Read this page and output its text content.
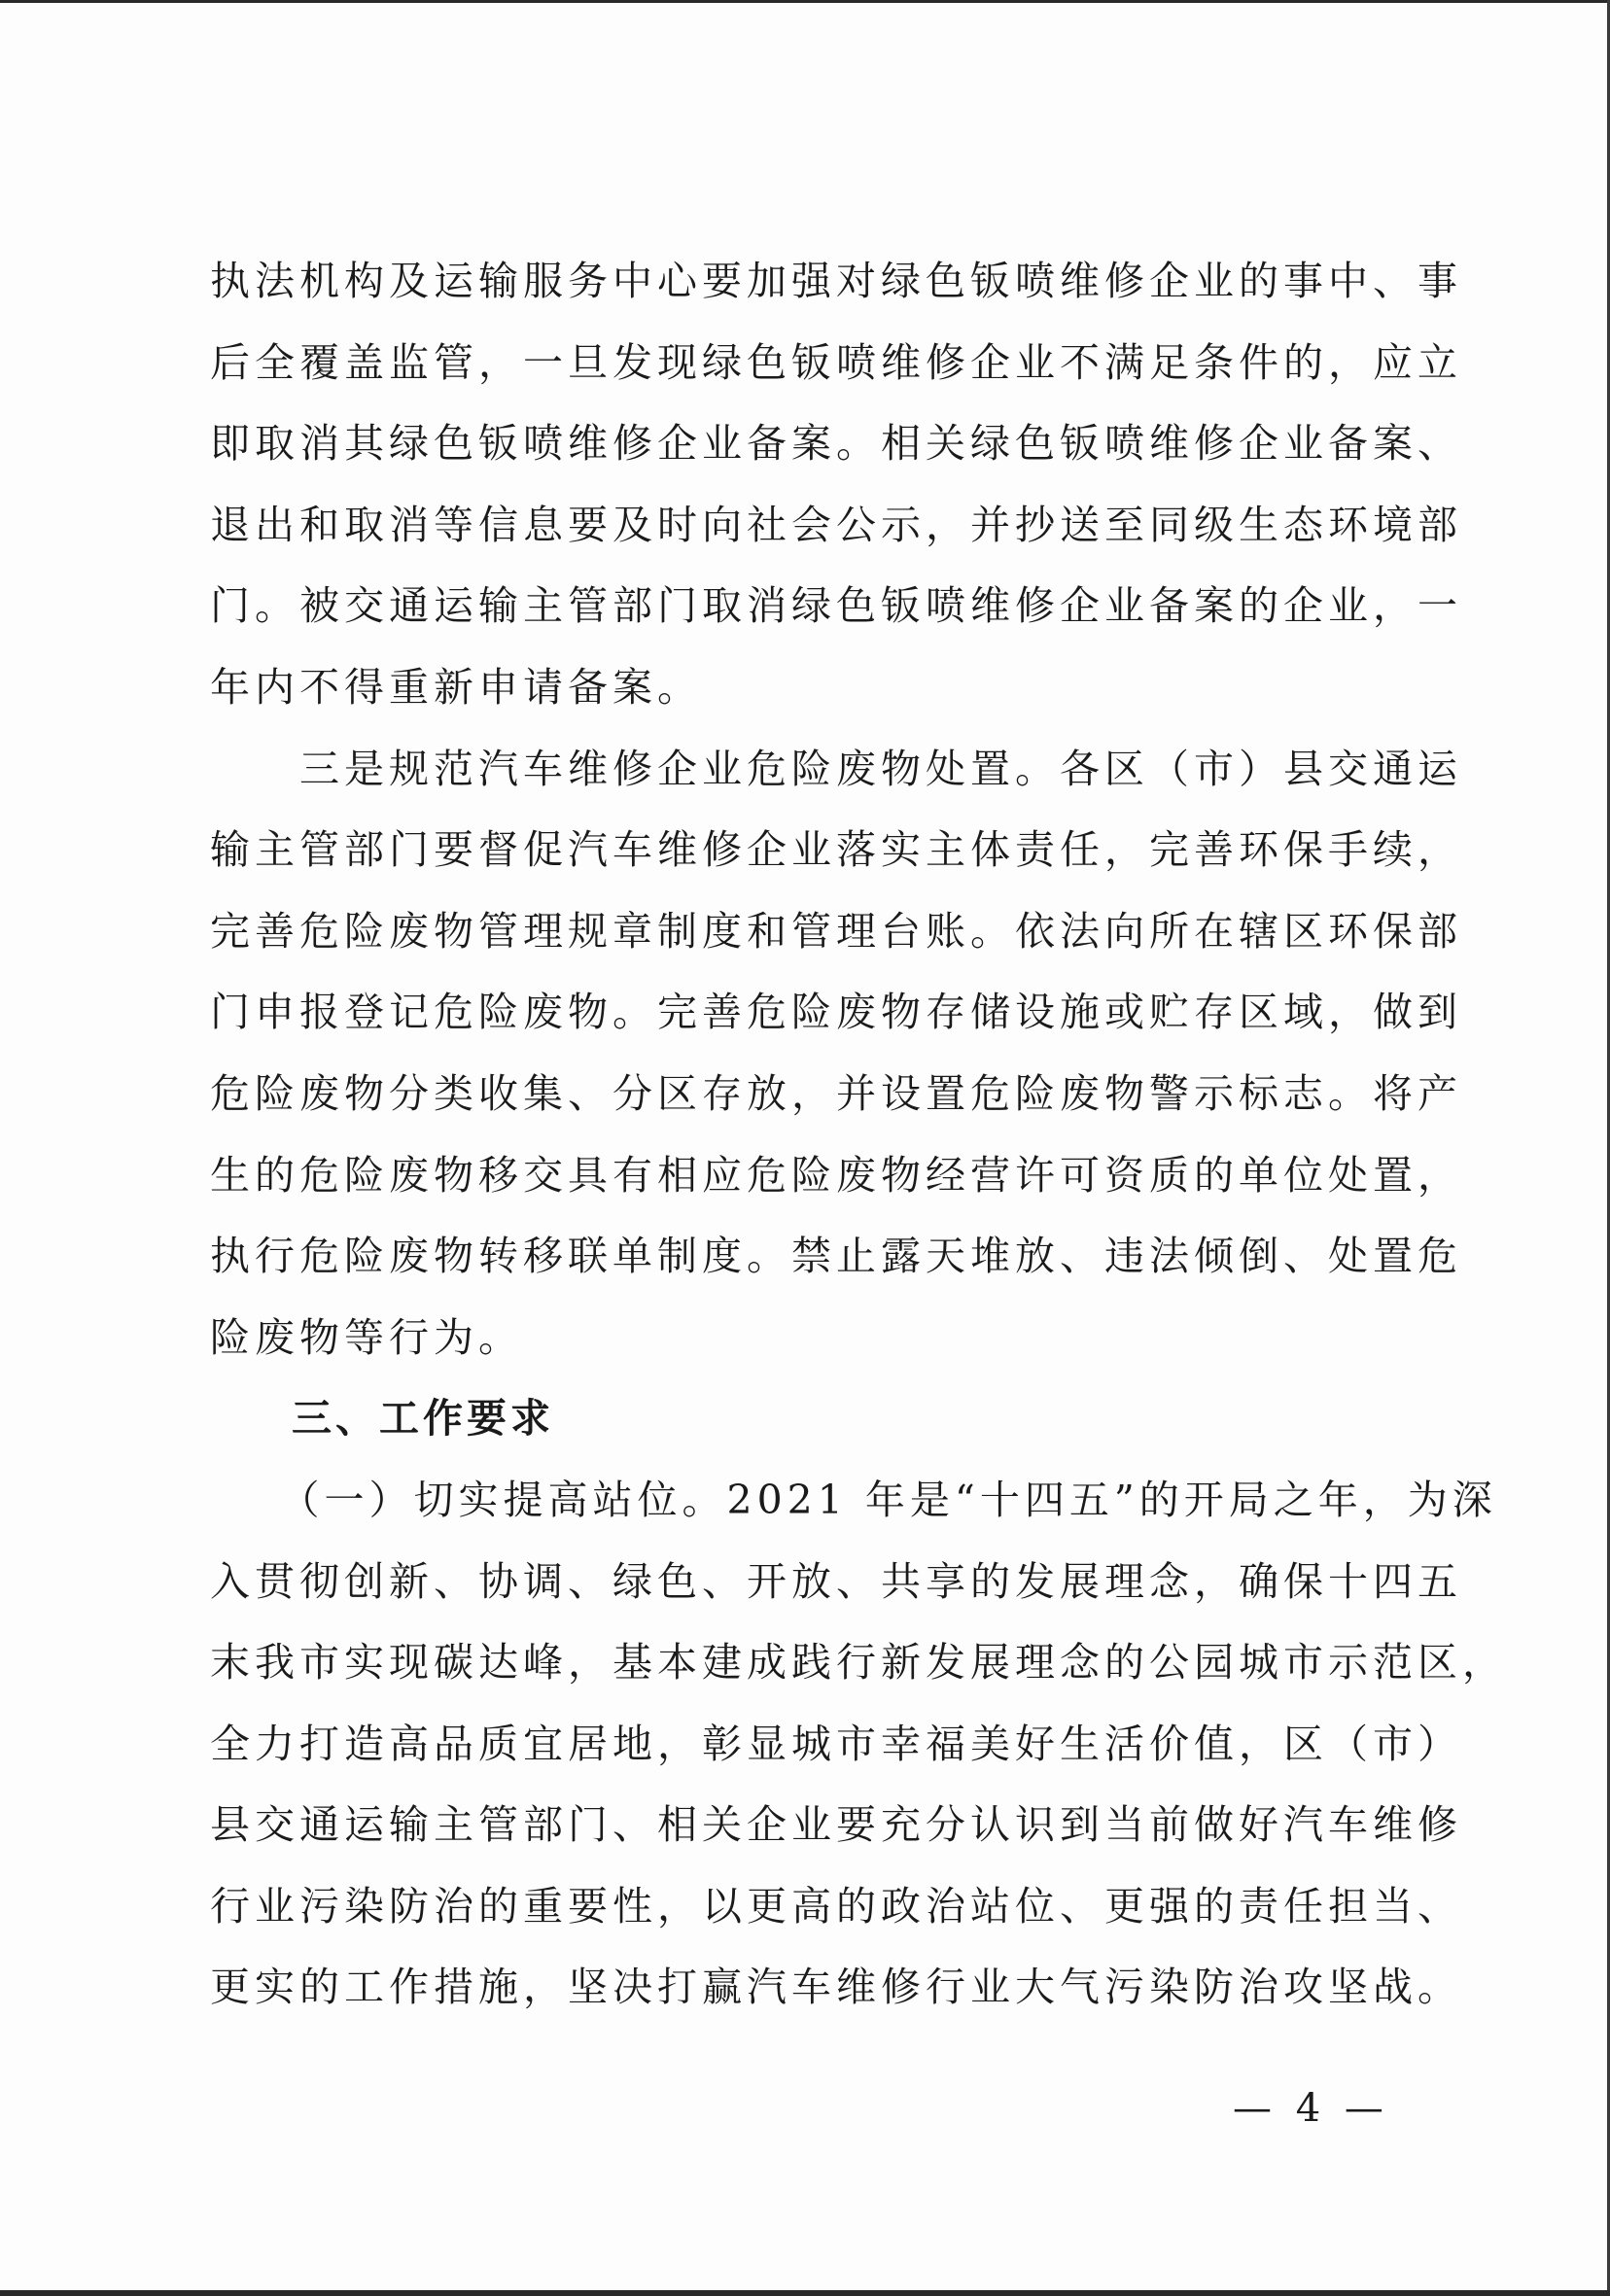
执法机构及运输服务中心要加强对绿色钣喷维修企业的事中、事
后全覆盖监管，一旦发现绿色钣喷维修企业不满足条件的，应立
即取消其绿色钣喷维修企业备案。相关绿色钣喷维修企业备案、
退出和取消等信息要及时向社会公示，并抄送至同级生态环境部
门。被交通运输主管部门取消绿色钣喷维修企业备案的企业，一
年内不得重新申请备案。
　　三是规范汽车维修企业危险废物处置。各区（市）县交通运
输主管部门要督促汽车维修企业落实主体责任，完善环保手续，
完善危险废物管理规章制度和管理台账。依法向所在辖区环保部
门申报登记危险废物。完善危险废物存储设施或贮存区域，做到
危险废物分类收集、分区存放，并设置危险废物警示标志。将产
生的危险废物移交具有相应危险废物经营许可资质的单位处置，
执行危险废物转移联单制度。禁止露天堆放、违法倾倒、处置危
险废物等行为。
三、工作要求
　　（一）切实提高站位。2021 年是“十四五”的开局之年，为深
入贯彻创新、协调、绿色、开放、共享的发展理念，确保十四五
末我市实现碳达峰，基本建成践行新发展理念的公园城市示范区，
全力打造高品质宜居地，彰显城市幸福美好生活价值，区（市）
县交通运输主管部门、相关企业要充分认识到当前做好汽车维修
行业污染防治的重要性，以更高的政治站位、更强的责任担当、
更实的工作措施，坚决打赢汽车维修行业大气污染防治攻坚战。
— 4 —
